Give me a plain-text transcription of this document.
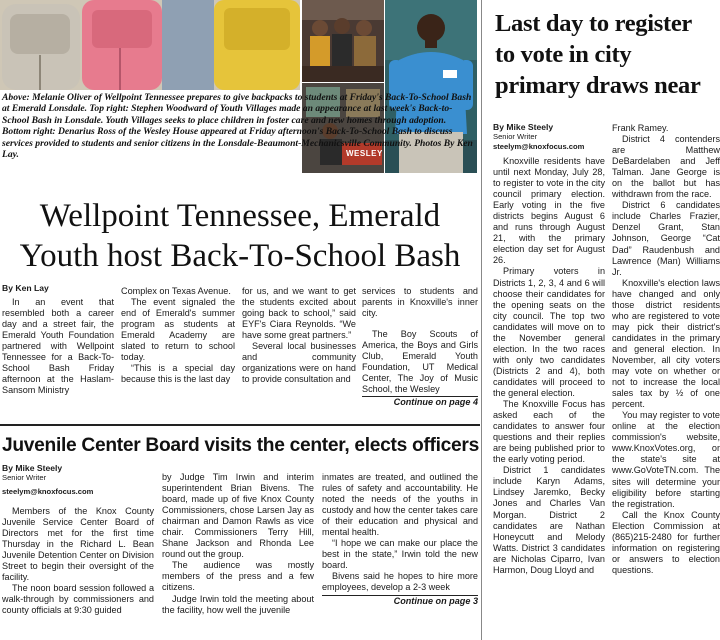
WESLEY
Above: Melanie Oliver of Wellpoint Tennessee prepares to give backpacks to students at Friday's Back-To-School Bash at Emerald Lonsdale. Top right: Stephen Woodward of Youth Villages made an appearance at last week's Back-to-School Bash in Lonsdale. Youth Villages seeks to place children in foster care and new homes through adoption. Bottom right: Denarius Ross of the Wesley House appeared at Friday afternoon's Back-To-School Bash to discuss services provided to students and senior citizens in the Lonsdale-Beaumont-Mechanicsville Community. Photos By Ken Lay.
Wellpoint Tennessee, Emerald
Youth host Back-To-School Bash
By Ken Lay

In an event that resembled both a career day and a street fair, the Emerald Youth Foundation partnered with Wellpoint Tennessee for a Back-To-School Bash Friday afternoon at the Haslam-Sansom Ministry

Complex on Texas Avenue.

The event signaled the end of Emerald's summer program as students at Emerald Academy are slated to return to school today.

“This is a special day because this is the last day

for us, and we want to get the students excited about going back to school,” said EYF's Ciara Reynolds. “We have some great partners.”

Several local businesses and community organizations were on hand to provide consultation and

services to students and parents in Knoxville's inner city.

The Boy Scouts of America, the Boys and Girls Club, Emerald Youth Foundation, UT Medical Center, The Joy of Music School, the Wesley

Continue on page 4
Juvenile Center Board visits the center, elects officers
By Mike Steely
Senior Writer
steelym@knoxfocus.com

Members of the Knox County Juvenile Service Center Board of Directors met for the first time Thursday in the Richard L. Bean Juvenile Detention Center on Division Street to begin their oversight of the facility.

The noon board session followed a walk-through by commissioners and county officials at 9:30 guided

by Judge Tim Irwin and interim superintendent Brian Bivens. The board, made up of five Knox County Commissioners, chose Larsen Jay as chairman and Damon Rawls as vice chair. Commissioners Terry Hill, Shane Jackson and Rhonda Lee round out the group.

The audience was mostly members of the press and a few citizens.

Judge Irwin told the meeting about the facility, how well the juvenile

inmates are treated, and outlined the rules of safety and accountability. He noted the needs of the youths in custody and how the center takes care of their education and physical and mental health.

“I hope we can make our place the best in the state,” Irwin told the new board.

Bivens said he hopes to hire more employees, develop a 2-3 week

Continue on page 3
Last day to register
to vote in city
primary draws near
By Mike Steely
Senior Writer
steelym@knoxfocus.com

Knoxville residents have until next Monday, July 28, to register to vote in the city council primary election. Early voting in the five districts begins August 6 and runs through August 21, with the primary election day set for August 26.

Primary voters in Districts 1, 2, 3, 4 and 6 will choose their candidates for the opening seats on the city council. The top two candidates will move on to the November general election. In the two races with only two candidates (Districts 2 and 4), both candidates will proceed to the general election.

The Knoxville Focus has asked each of the candidates to answer four questions and their replies are being published prior to the early voting period.

District 1 candidates include Karyn Adams, Lindsey Jaremko, Becky Jones and Charles Van Morgan. District 2 candidates are Nathan Honeycutt and Melody Watts. District 3 candidates are Nicholas Ciparro, Ivan Harmon, Doug Lloyd and

Frank Ramey.

District 4 contenders are Matthew DeBardelaben and Jeff Talman. Jane George is on the ballot but has withdrawn from the race.

District 6 candidates include Charles Frazier, Denzel Grant, Stan Johnson, George “Cat Dad” Raudenbush and Lawrence (Man) Williams Jr.

Knoxville's election laws have changed and only those district residents who are registered to vote may pick their district's candidates in the primary and general election. In November, all city voters may vote on whether or not to increase the local sales tax by ½ of one percent.

You may register to vote online at the election commission's website, www.KnoxVotes.org, or the state's site at www.GoVoteTN.com. The sites will determine your eligibility before starting the registration.

Call the Knox County Election Commission at (865)215-2480 for further information on registering or answers to election questions.
